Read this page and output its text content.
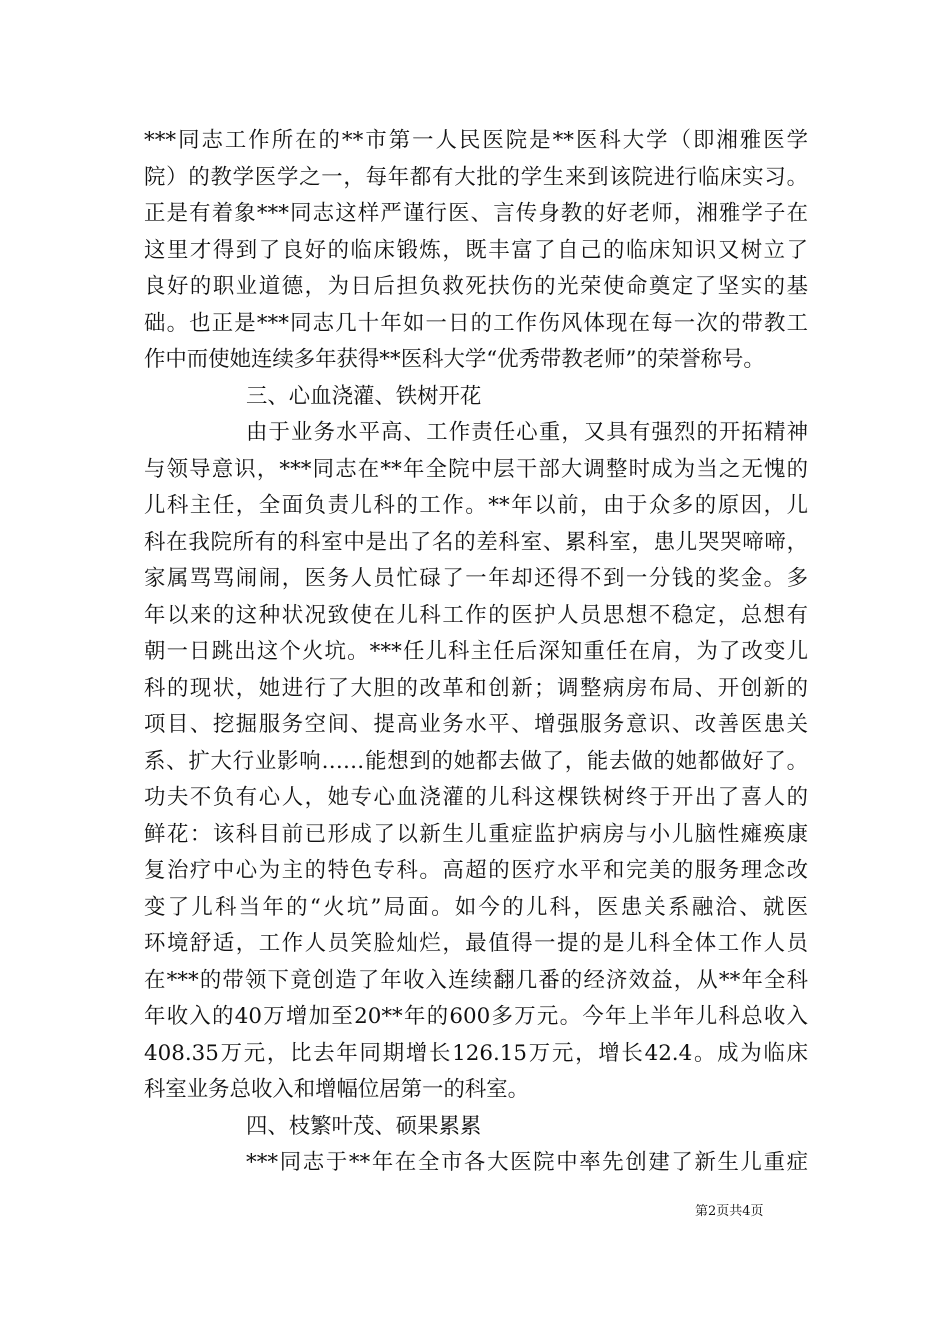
***同志工作所在的**市第一人民医院是**医科大学（即湘雅医学
院）的教学医学之一，每年都有大批的学生来到该院进行临床实习。
正是有着象***同志这样严谨行医、言传身教的好老师，湘雅学子在
这里才得到了良好的临床锻炼，既丰富了自己的临床知识又树立了
良好的职业道德，为日后担负救死扶伤的光荣使命奠定了坚实的基
础。也正是***同志几十年如一日的工作伤风体现在每一次的带教工
作中而使她连续多年获得**医科大学“优秀带教老师”的荣誉称号。
三、心血浇灌、铁树开花
由于业务水平高、工作责任心重，又具有强烈的开拓精神
与领导意识，***同志在**年全院中层干部大调整时成为当之无愧的
儿科主任，全面负责儿科的工作。**年以前，由于众多的原因，儿
科在我院所有的科室中是出了名的差科室、累科室，患儿哭哭啼啼，
家属骂骂闹闹，医务人员忙碌了一年却还得不到一分钱的奖金。多
年以来的这种状况致使在儿科工作的医护人员思想不稳定，总想有
朝一日跳出这个火坑。***任儿科主任后深知重任在肩，为了改变儿
科的现状，她进行了大胆的改革和创新；调整病房布局、开创新的
项目、挖掘服务空间、提高业务水平、增强服务意识、改善医患关
系、扩大行业影响……能想到的她都去做了，能去做的她都做好了。
功夫不负有心人，她专心血浇灌的儿科这棵铁树终于开出了喜人的
鲜花：该科目前已形成了以新生儿重症监护病房与小儿脑性瘫痪康
复治疗中心为主的特色专科。高超的医疗水平和完美的服务理念改
变了儿科当年的“火坑”局面。如今的儿科，医患关系融洽、就医
环境舒适，工作人员笑脸灿烂，最值得一提的是儿科全体工作人员
在***的带领下竟创造了年收入连续翻几番的经济效益，从**年全科
年收入的40万增加至20**年的600多万元。今年上半年儿科总收入
408.35万元，比去年同期增长126.15万元，增长42.4。成为临床
科室业务总收入和增幅位居第一的科室。
四、枝繁叶茂、硕果累累
***同志于**年在全市各大医院中率先创建了新生儿重症
第2页共4页
